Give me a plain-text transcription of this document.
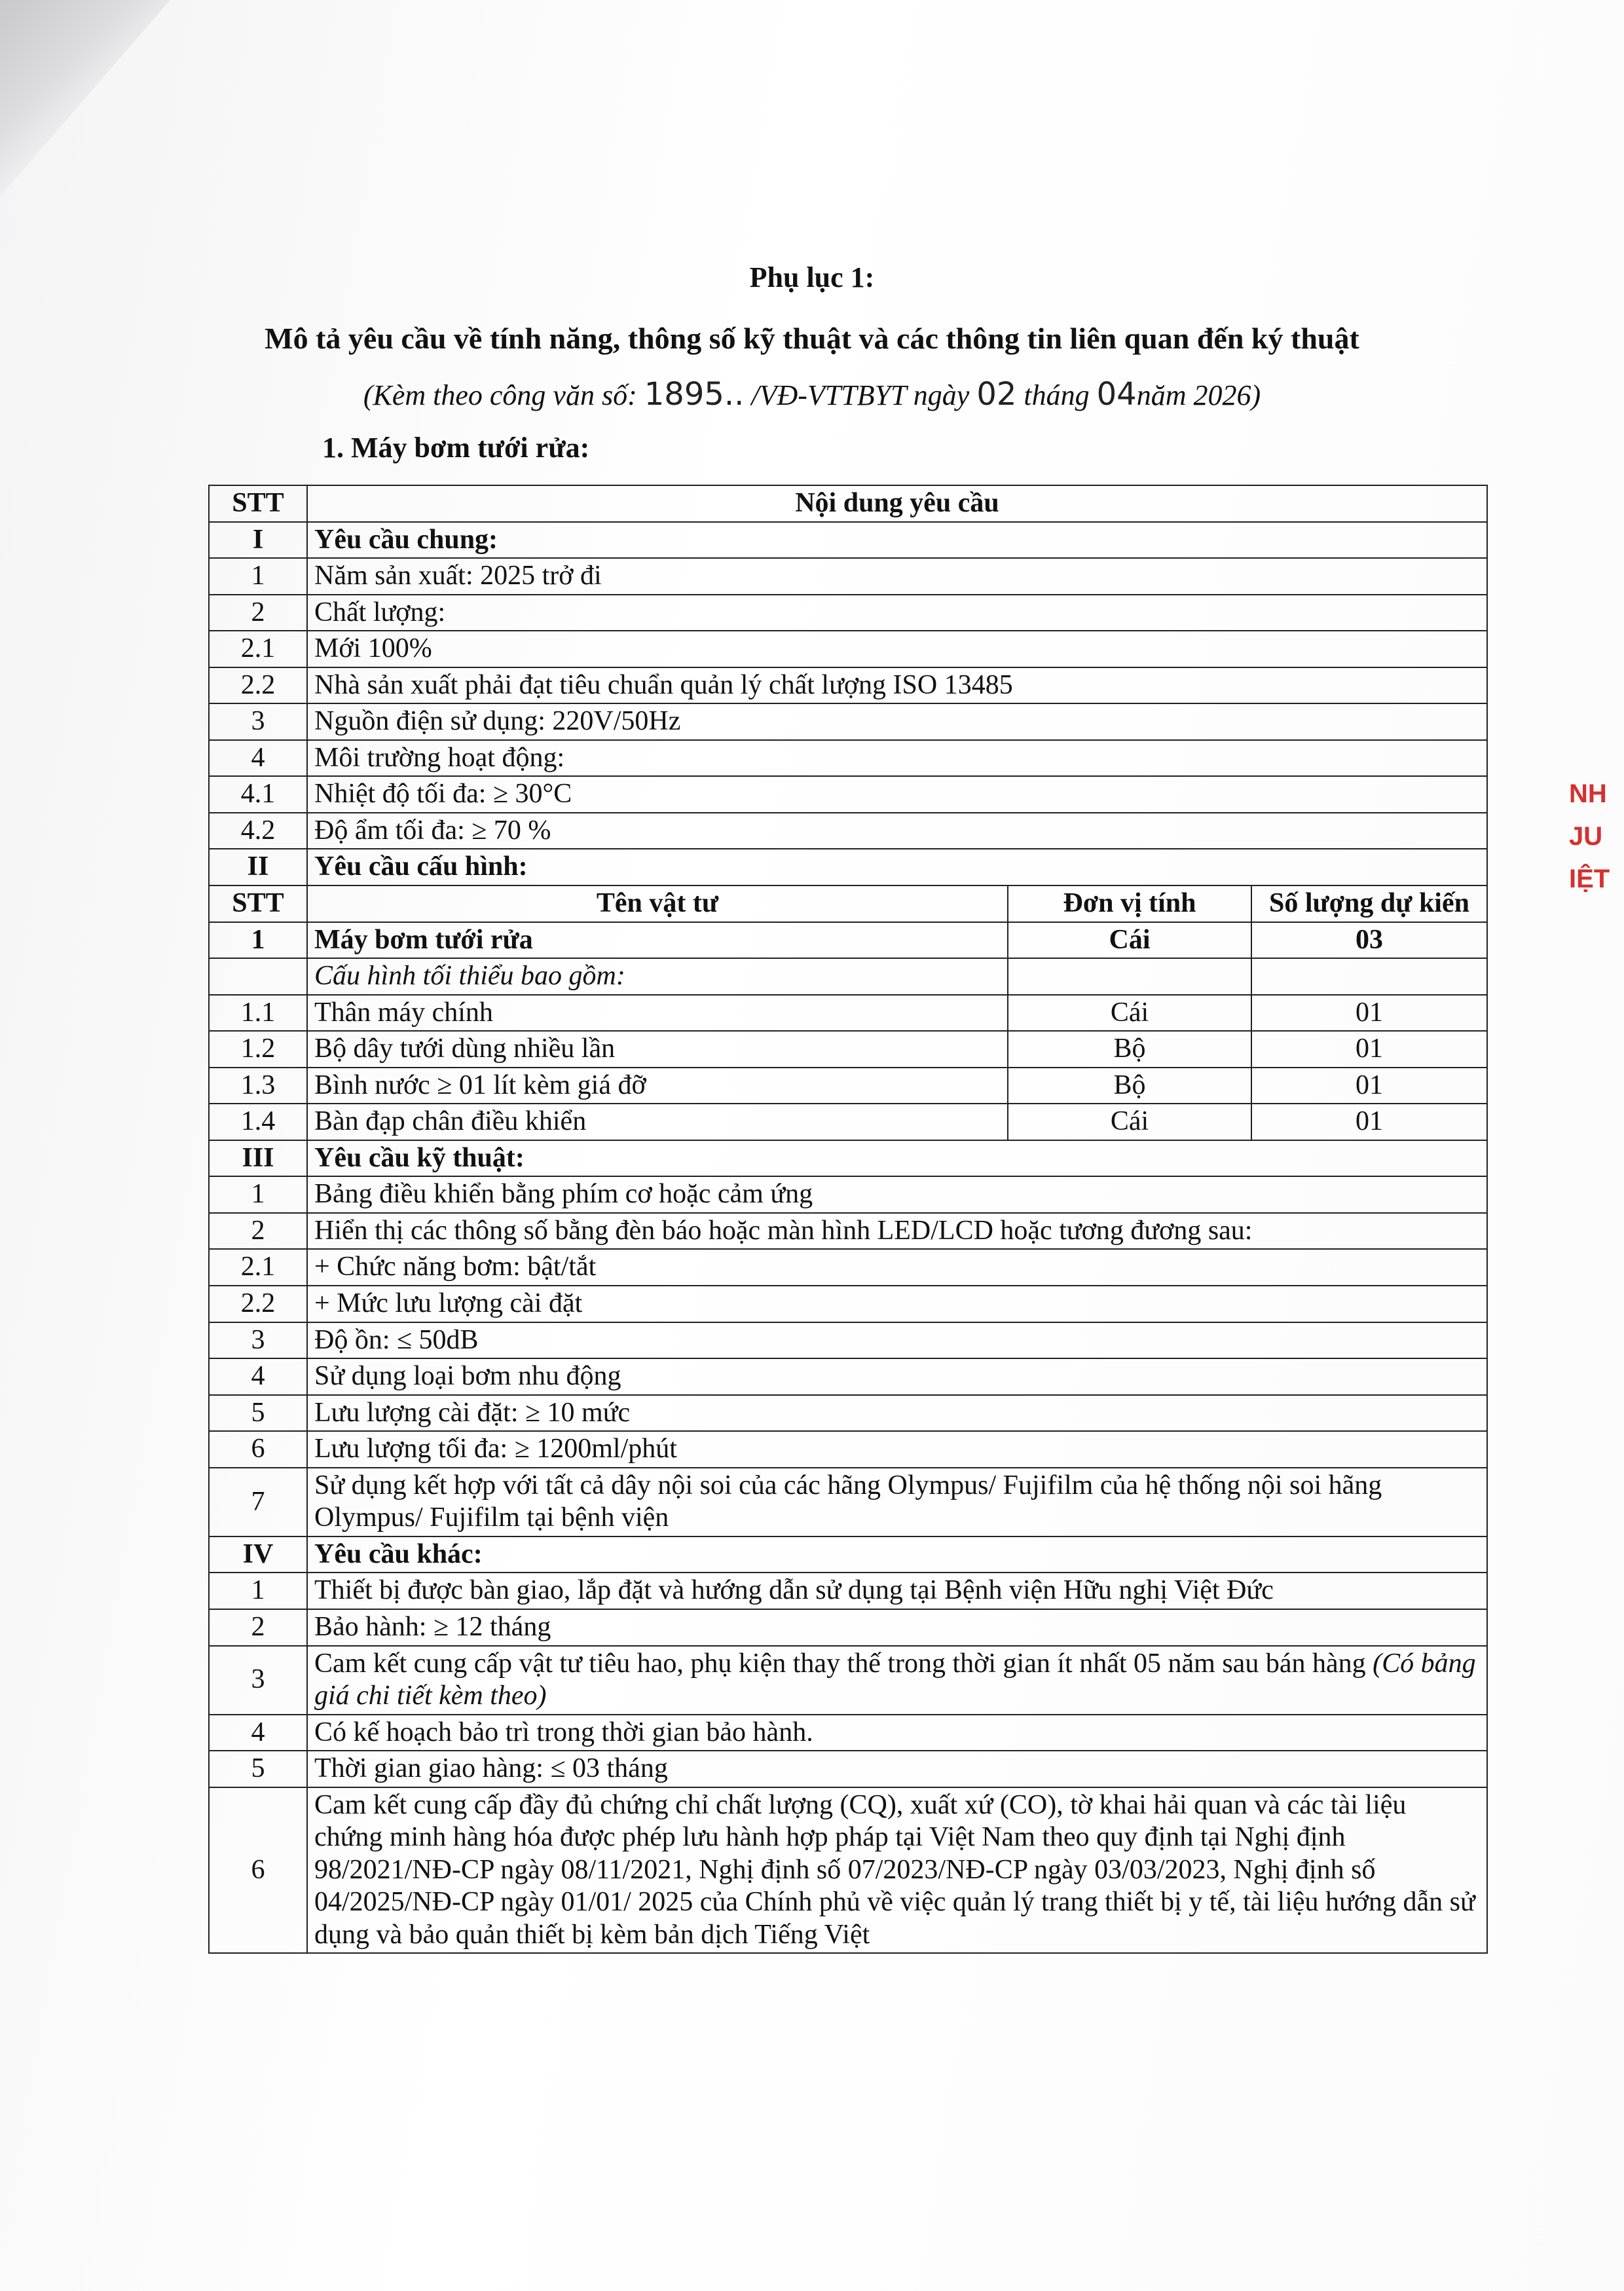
Phụ lục 1:
Mô tả yêu cầu về tính năng, thông số kỹ thuật và các thông tin liên quan đến ký thuật
(Kèm theo công văn số: 1895.. /VĐ-VTTBYT ngày 02 tháng 04năm 2026)
1. Máy bơm tưới rửa:
STT	Nội dung yêu cầu		
I	Yêu cầu chung:		
1	Năm sản xuất: 2025 trở đi		
2	Chất lượng:		
2.1	Mới 100%		
2.2	Nhà sản xuất phải đạt tiêu chuẩn quản lý chất lượng ISO 13485		
3	Nguồn điện sử dụng: 220V/50Hz		
4	Môi trường hoạt động:		
4.1	Nhiệt độ tối đa: ≥ 30°C		
4.2	Độ ẩm tối đa: ≥ 70 %		
II	Yêu cầu cấu hình:		
STT	Tên vật tư	Đơn vị tính	Số lượng dự kiến
1	Máy bơm tưới rửa	Cái	03
	Cấu hình tối thiểu bao gồm:		
1.1	Thân máy chính	Cái	01
1.2	Bộ dây tưới dùng nhiều lần	Bộ	01
1.3	Bình nước ≥ 01 lít kèm giá đỡ	Bộ	01
1.4	Bàn đạp chân điều khiển	Cái	01
III	Yêu cầu kỹ thuật:		
1	Bảng điều khiển bằng phím cơ hoặc cảm ứng		
2	Hiển thị các thông số bằng đèn báo hoặc màn hình LED/LCD hoặc tương đương sau:		
2.1	+ Chức năng bơm: bật/tắt		
2.2	+ Mức lưu lượng cài đặt		
3	Độ ồn: ≤ 50dB		
4	Sử dụng loại bơm nhu động		
5	Lưu lượng cài đặt: ≥ 10 mức		
6	Lưu lượng tối đa: ≥ 1200ml/phút		
7	Sử dụng kết hợp với tất cả dây nội soi của các hãng Olympus/ Fujifilm của hệ thống nội soi hãng Olympus/ Fujifilm tại bệnh viện		
IV	Yêu cầu khác:		
1	Thiết bị được bàn giao, lắp đặt và hướng dẫn sử dụng tại Bệnh viện Hữu nghị Việt Đức		
2	Bảo hành: ≥ 12 tháng		
3	Cam kết cung cấp vật tư tiêu hao, phụ kiện thay thế trong thời gian ít nhất 05 năm sau bán hàng (Có bảng giá chi tiết kèm theo)		
4	Có kế hoạch bảo trì trong thời gian bảo hành.		
5	Thời gian giao hàng: ≤ 03 tháng		
6	Cam kết cung cấp đầy đủ chứng chỉ chất lượng (CQ), xuất xứ (CO), tờ khai hải quan và các tài liệu chứng minh hàng hóa được phép lưu hành hợp pháp tại Việt Nam theo quy định tại Nghị định 98/2021/NĐ-CP ngày 08/11/2021, Nghị định số 07/2023/NĐ-CP ngày 03/03/2023, Nghị định số 04/2025/NĐ-CP ngày 01/01/ 2025 của Chính phủ về việc quản lý trang thiết bị y tế, tài liệu hướng dẫn sử dụng và bảo quản thiết bị kèm bản dịch Tiếng Việt		
NH
JU
IỆT
